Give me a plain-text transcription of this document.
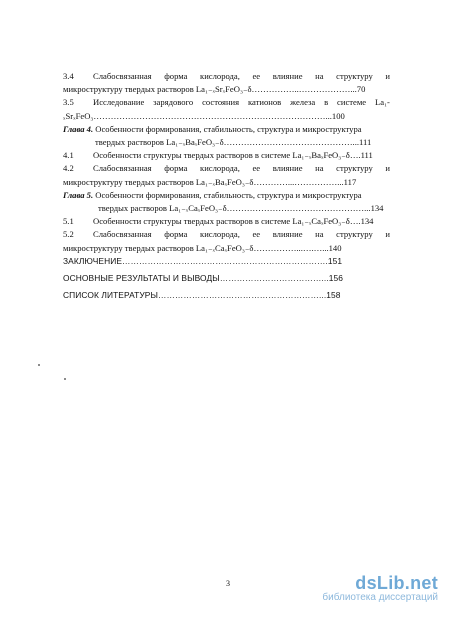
3.4 Слабосвязанная форма кислорода, ее влияние на структуру и
микроструктуру твердых растворов La₁₋ₓSrₓFeO₃₋δ……………..………………...70
3.5 Исследование зарядового состояния катионов железа в системе La₁-
ₓSrₓFeO₃………………………………………………………………………...100
Глава 4. Особенности формирования, стабильность, структура и микроструктура
твердых растворов La₁₋ₓBaₓFeO₃₋δ………………………………………...111
4.1 Особенности структуры твердых растворов в системе La₁₋ₓBaₓFeO₃₋δ….111
4.2 Слабосвязанная форма кислорода, ее влияние на структуру и
микроструктуру твердых растворов La₁₋ₓBaₓFeO₃₋δ…………...……………...117
Глава 5. Особенности формирования, стабильность, структура и микроструктура
твердых растворов La₁₋ₓCaₓFeO₃₋δ…………………………………………...134
5.1 Особенности структуры твердых растворов в системе La₁₋ₓCaₓFeO₃₋δ….134
5.2 Слабосвязанная форма кислорода, ее влияние на структуру и
микроструктуру твердых растворов La₁₋ₓCaₓFeO₃₋δ……………...….…...140
ЗАКЛЮЧЕНИЕ……………………………………………………………….151
ОСНОВНЫЕ РЕЗУЛЬТАТЫ И ВЫВОДЫ………………………………...156
СПИСОК ЛИТЕРАТУРЫ…………………………………………………...158
3	dsLib.net
библиотека диссертаций
